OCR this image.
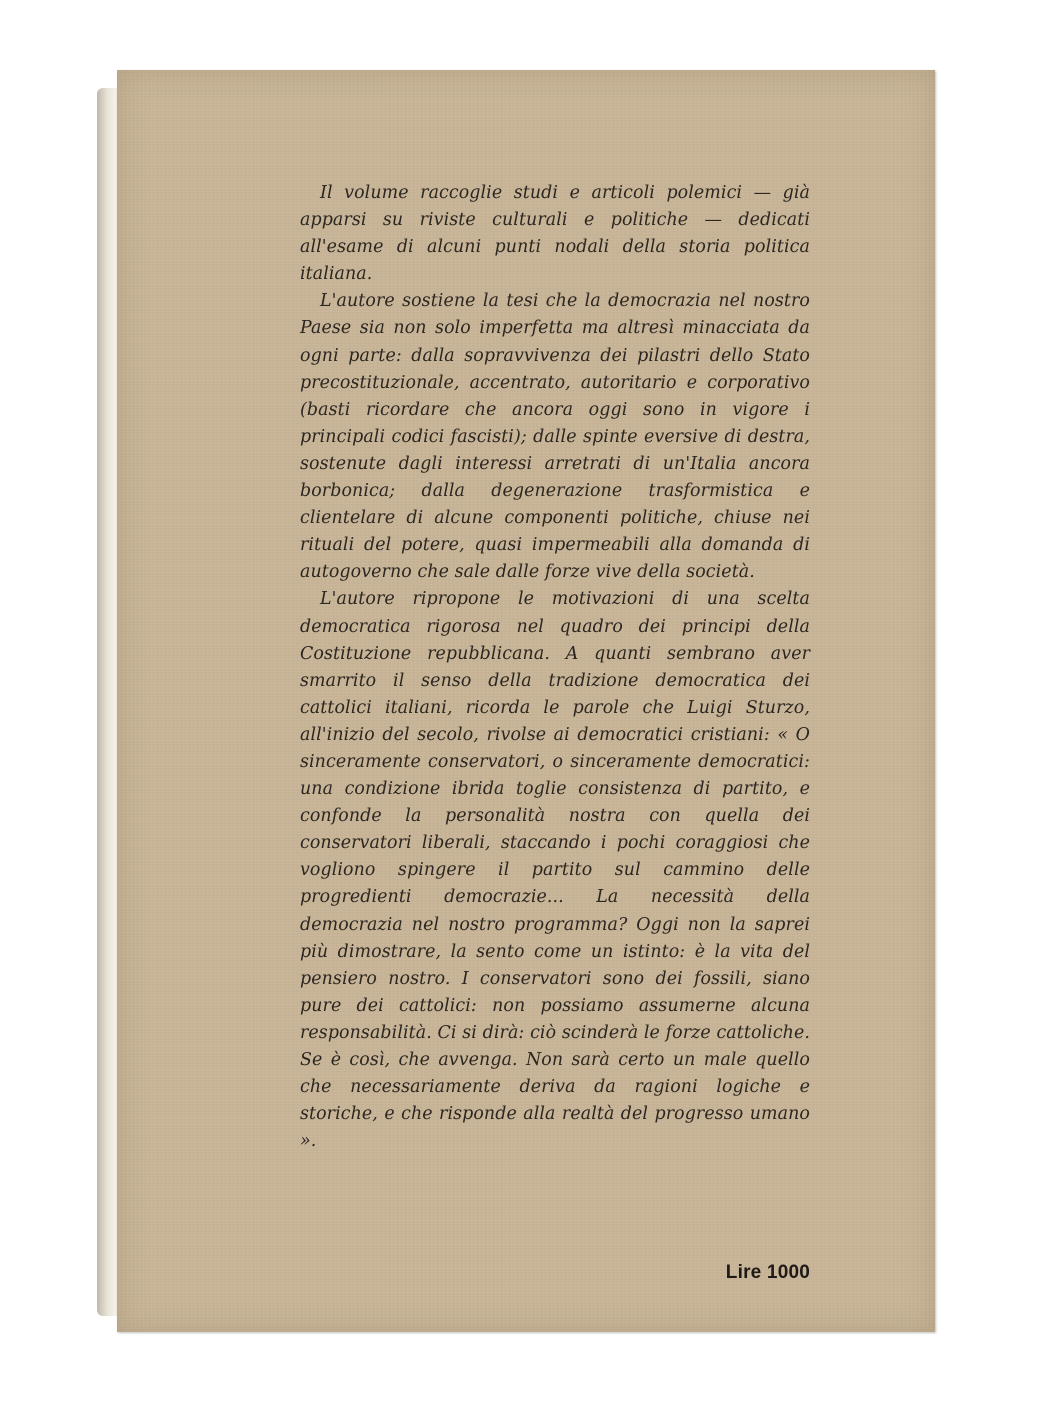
Il volume raccoglie studi e articoli polemici — già apparsi su riviste culturali e politiche — dedicati all'esame di alcuni punti nodali della storia politica italiana.

L'autore sostiene la tesi che la democrazia nel nostro Paese sia non solo imperfetta ma altresì minacciata da ogni parte: dalla sopravvivenza dei pilastri dello Stato precostituzionale, accentrato, autoritario e corporativo (basti ricordare che ancora oggi sono in vigore i principali codici fascisti); dalle spinte eversive di destra, sostenute dagli interessi arretrati di un'Italia ancora borbonica; dalla degenerazione trasformistica e clientelare di alcune componenti politiche, chiuse nei rituali del potere, quasi impermeabili alla domanda di autogoverno che sale dalle forze vive della società.

L'autore ripropone le motivazioni di una scelta democratica rigorosa nel quadro dei principi della Costituzione repubblicana. A quanti sembrano aver smarrito il senso della tradizione democratica dei cattolici italiani, ricorda le parole che Luigi Sturzo, all'inizio del secolo, rivolse ai democratici cristiani: « O sinceramente conservatori, o sinceramente democratici: una condizione ibrida toglie consistenza di partito, e confonde la personalità nostra con quella dei conservatori liberali, staccando i pochi coraggiosi che vogliono spingere il partito sul cammino delle progredienti democrazie... La necessità della democrazia nel nostro programma? Oggi non la saprei più dimostrare, la sento come un istinto: è la vita del pensiero nostro. I conservatori sono dei fossili, siano pure dei cattolici: non possiamo assumerne alcuna responsabilità. Ci si dirà: ciò scinderà le forze cattoliche. Se è così, che avvenga. Non sarà certo un male quello che necessariamente deriva da ragioni logiche e storiche, e che risponde alla realtà del progresso umano ».

Lire 1000
